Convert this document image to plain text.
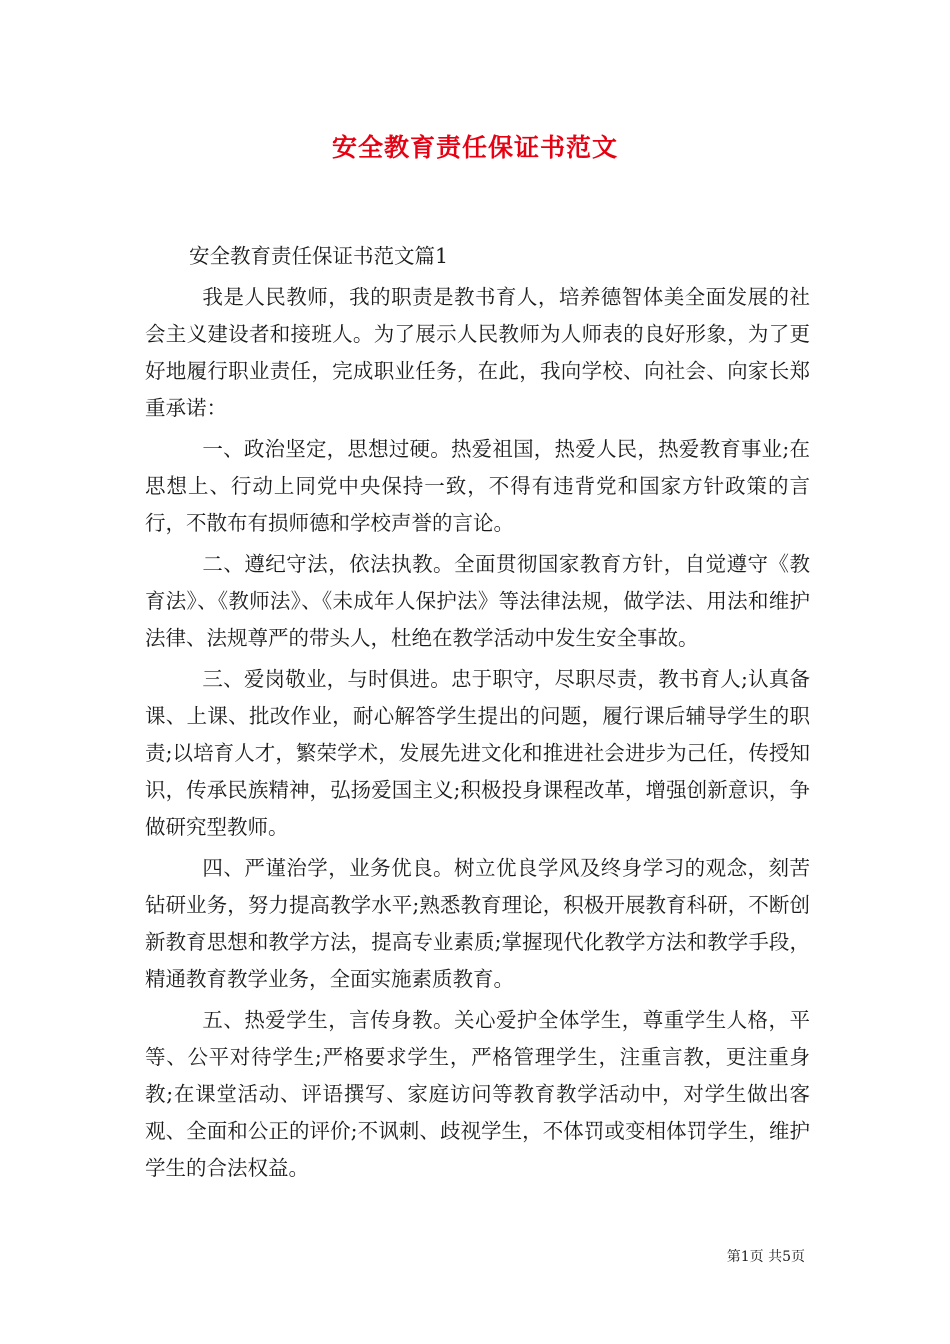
安全教育责任保证书范文

安全教育责任保证书范文篇1

我是人民教师，我的职责是教书育人，培养德智体美全面发展的社会主义建设者和接班人。为了展示人民教师为人师表的良好形象，为了更好地履行职业责任，完成职业任务，在此，我向学校、向社会、向家长郑重承诺：

一、政治坚定，思想过硬。热爱祖国，热爱人民，热爱教育事业;在思想上、行动上同党中央保持一致，不得有违背党和国家方针政策的言行，不散布有损师德和学校声誉的言论。

二、遵纪守法，依法执教。全面贯彻国家教育方针，自觉遵守《教育法》、《教师法》、《未成年人保护法》等法律法规，做学法、用法和维护法律、法规尊严的带头人，杜绝在教学活动中发生安全事故。

三、爱岗敬业，与时俱进。忠于职守，尽职尽责，教书育人;认真备课、上课、批改作业，耐心解答学生提出的问题，履行课后辅导学生的职责;以培育人才，繁荣学术，发展先进文化和推进社会进步为己任，传授知识，传承民族精神，弘扬爱国主义;积极投身课程改革，增强创新意识，争做研究型教师。

四、严谨治学，业务优良。树立优良学风及终身学习的观念，刻苦钻研业务，努力提高教学水平;熟悉教育理论，积极开展教育科研，不断创新教育思想和教学方法，提高专业素质;掌握现代化教学方法和教学手段，精通教育教学业务，全面实施素质教育。

五、热爱学生，言传身教。关心爱护全体学生，尊重学生人格，平等、公平对待学生;严格要求学生，严格管理学生，注重言教，更注重身教;在课堂活动、评语撰写、家庭访问等教育教学活动中，对学生做出客观、全面和公正的评价;不讽刺、歧视学生，不体罚或变相体罚学生，维护学生的合法权益。

第1页 共5页
